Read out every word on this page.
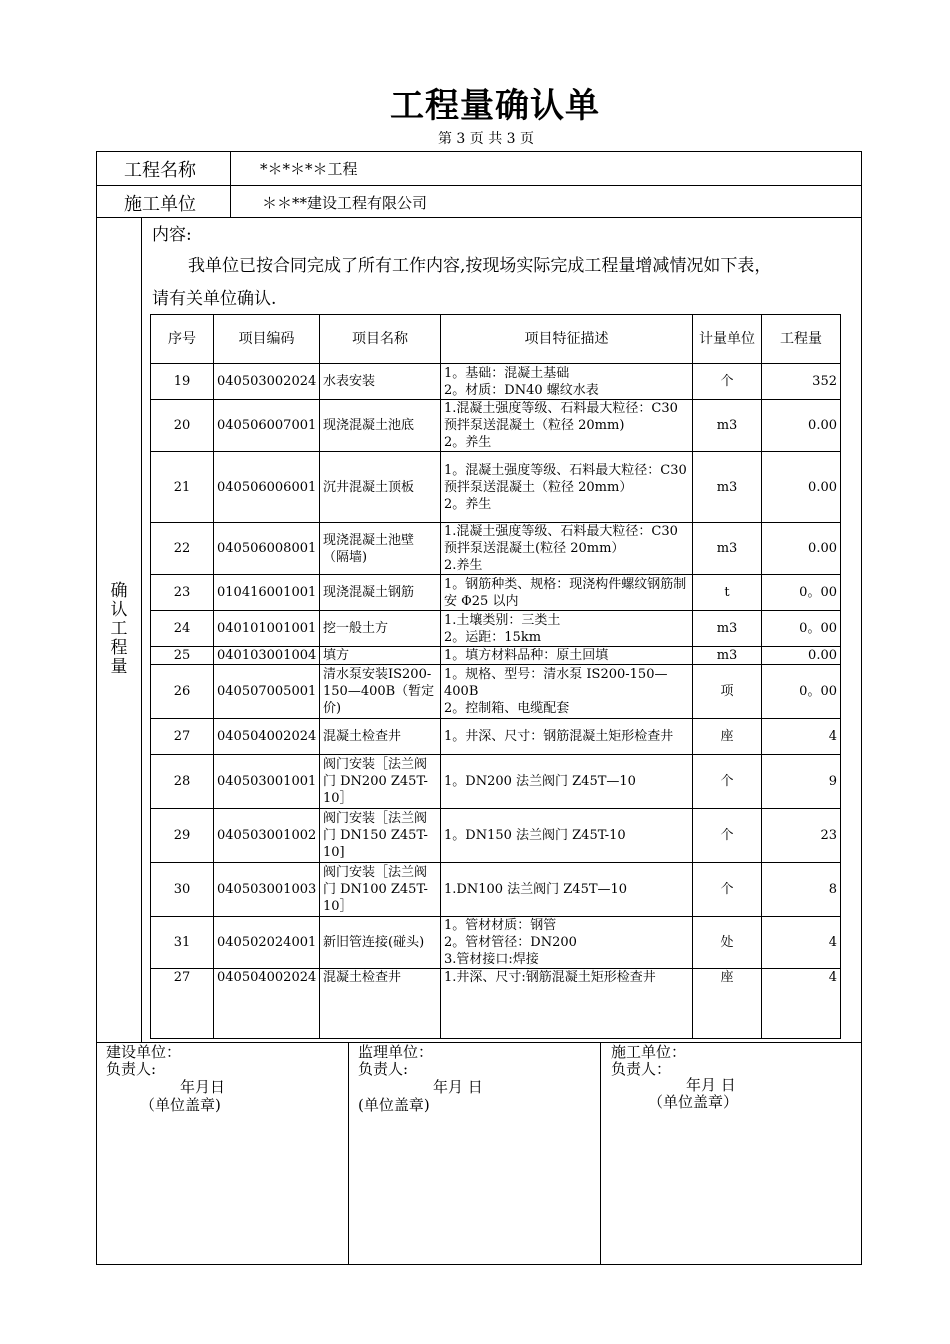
工程量确认单
第 3 页 共 3 页
工程名称	*＊*＊*＊工程
施工单位	＊＊**建设工程有限公司
确认工程量
内容:
我单位已按合同完成了所有工作内容,按现场实际完成工程量增减情况如下表，
请有关单位确认.
序号	项目编码	项目名称	项目特征描述	计量单位	工程量
19	040503002024	水表安装	1。基础：混凝土基础
2。材质：DN40 螺纹水表	个	352
20	040506007001	现浇混凝土池底	1.混凝土强度等级、石料最大粒径：C30 预拌泵送混凝土（粒径 20mm)
2。养生	m3	0.00
21	040506006001	沉井混凝土顶板	1。混凝土强度等级、石料最大粒径：C30 预拌泵送混凝土（粒径 20mm）
2。养生	m3	0.00
22	040506008001	现浇混凝土池壁（隔墙)	1.混凝土强度等级、石料最大粒径：C30 预拌泵送混凝土(粒径 20mm）
2.养生	m3	0.00
23	010416001001	现浇混凝土钢筋	1。钢筋种类、规格：现浇构件螺纹钢筋制安 Φ25 以内	t	0。00
24	040101001001	挖一般土方	1.土壤类别：三类土
2。运距：15km	m3	0。00
25	040103001004	填方	1。填方材料品种：原土回填	m3	0.00
26	040507005001	清水泵安装IS200-150—400B（暂定价)	1。规格、型号：清水泵 IS200-150—400B
2。控制箱、电缆配套	项	0。00
27	040504002024	混凝土检查井	1。井深、尺寸：钢筋混凝土矩形检查井	座	4
28	040503001001	阀门安装［法兰阀门 DN200 Z45T-10］	1。DN200 法兰阀门 Z45T—10	个	9
29	040503001002	阀门安装［法兰阀门 DN150 Z45T-10]	1。DN150 法兰阀门 Z45T-10	个	23
30	040503001003	阀门安装［法兰阀门 DN100 Z45T-10］	1.DN100 法兰阀门 Z45T—10	个	8
31	040502024001	新旧管连接(碰头)	1。管材材质：钢管
2。管材管径：DN200
3.管材接口:焊接	处	4
27	040504002024	混凝土检查井	1.井深、尺寸:钢筋混凝土矩形检查井	座	4
建设单位：
负责人:
年月日
（单位盖章)
监理单位：
负责人:
年月 日
(单位盖章)
施工单位：
负责人：
年月 日
（单位盖章）
